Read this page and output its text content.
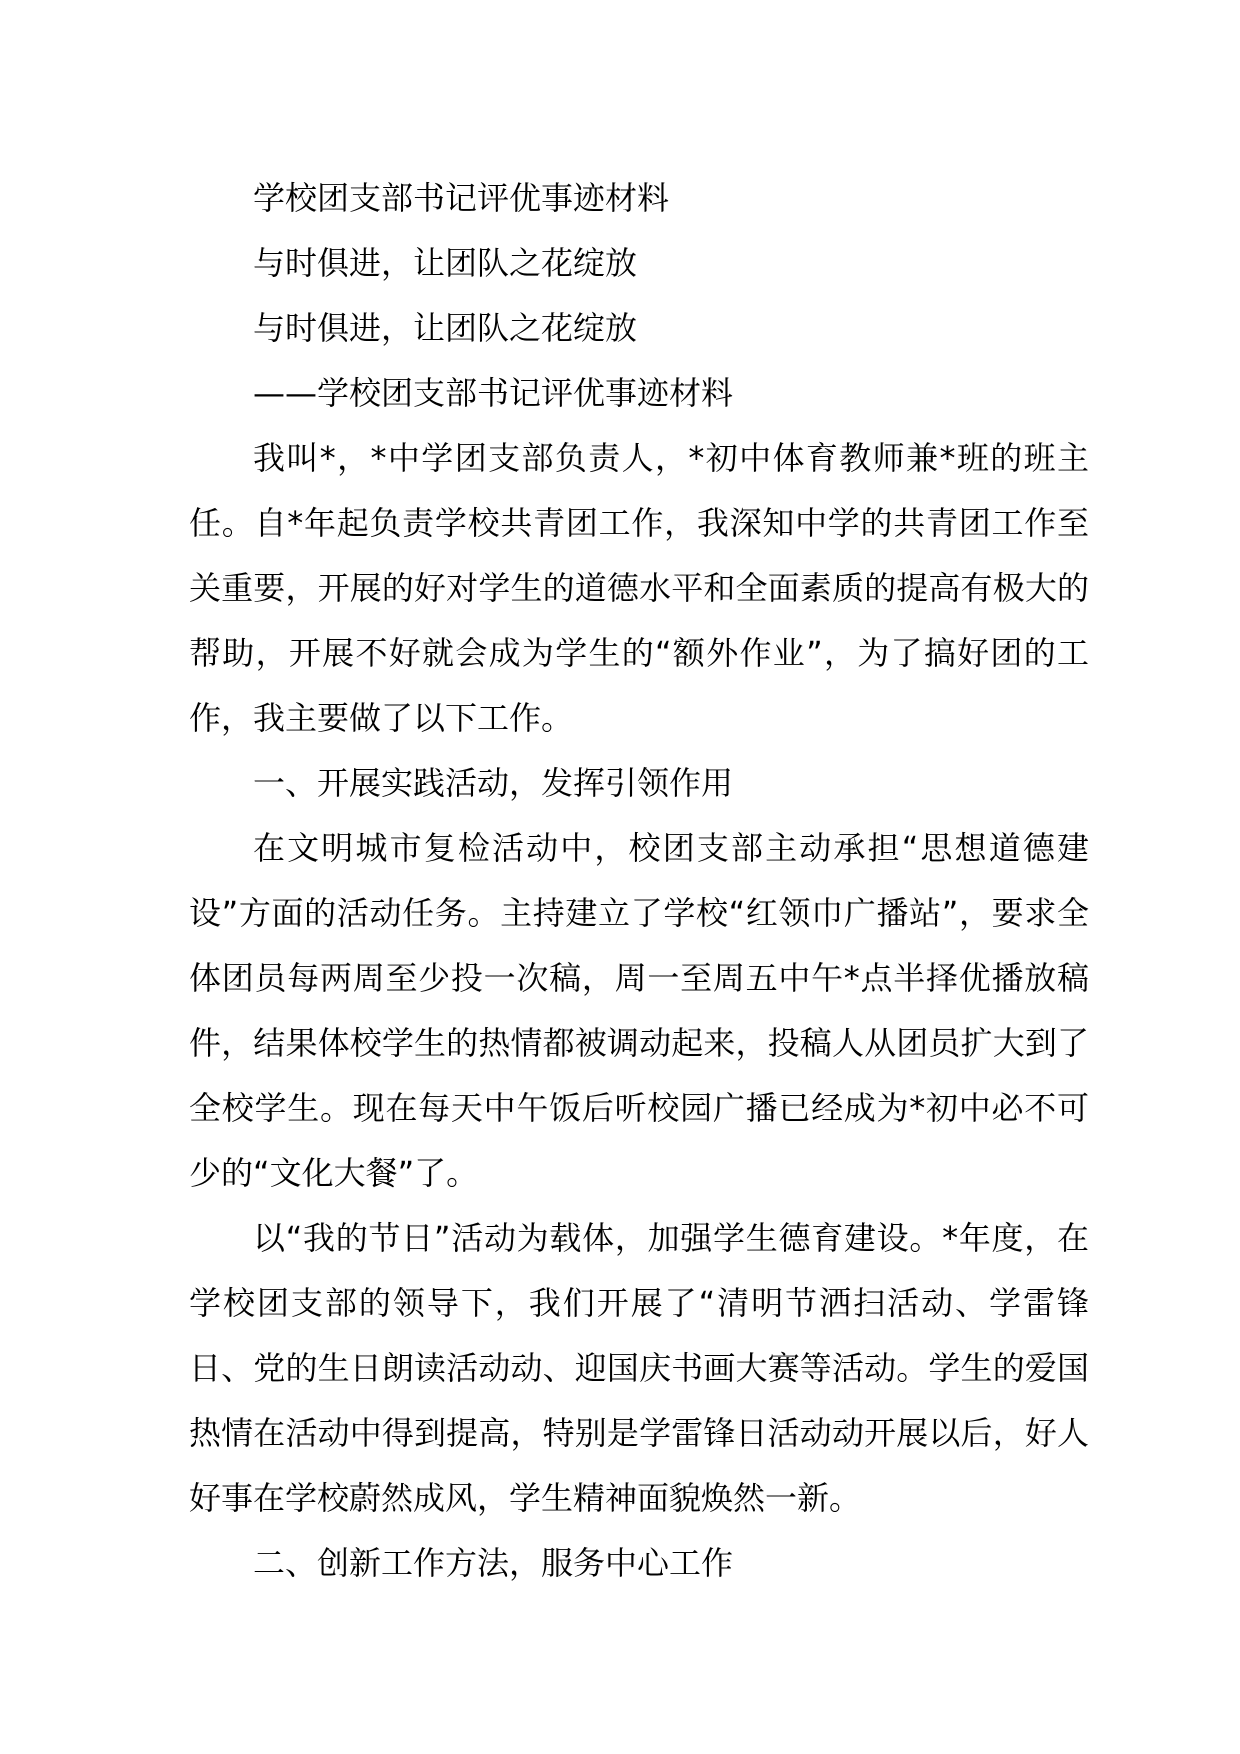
学校团支部书记评优事迹材料

与时俱进，让团队之花绽放

与时俱进，让团队之花绽放

——学校团支部书记评优事迹材料

我叫*，*中学团支部负责人，*初中体育教师兼*班的班主任。自*年起负责学校共青团工作，我深知中学的共青团工作至关重要，开展的好对学生的道德水平和全面素质的提高有极大的帮助，开展不好就会成为学生的“额外作业”，为了搞好团的工作，我主要做了以下工作。

一、开展实践活动，发挥引领作用

在文明城市复检活动中，校团支部主动承担“思想道德建设”方面的活动任务。主持建立了学校“红领巾广播站”，要求全体团员每两周至少投一次稿，周一至周五中午*点半择优播放稿件，结果体校学生的热情都被调动起来，投稿人从团员扩大到了全校学生。现在每天中午饭后听校园广播已经成为*初中必不可少的“文化大餐”了。

以“我的节日”活动为载体，加强学生德育建设。*年度，在学校团支部的领导下，我们开展了“清明节洒扫活动、学雷锋日、党的生日朗读活动动、迎国庆书画大赛等活动。学生的爱国热情在活动中得到提高，特别是学雷锋日活动动开展以后，好人好事在学校蔚然成风，学生精神面貌焕然一新。

二、创新工作方法，服务中心工作
